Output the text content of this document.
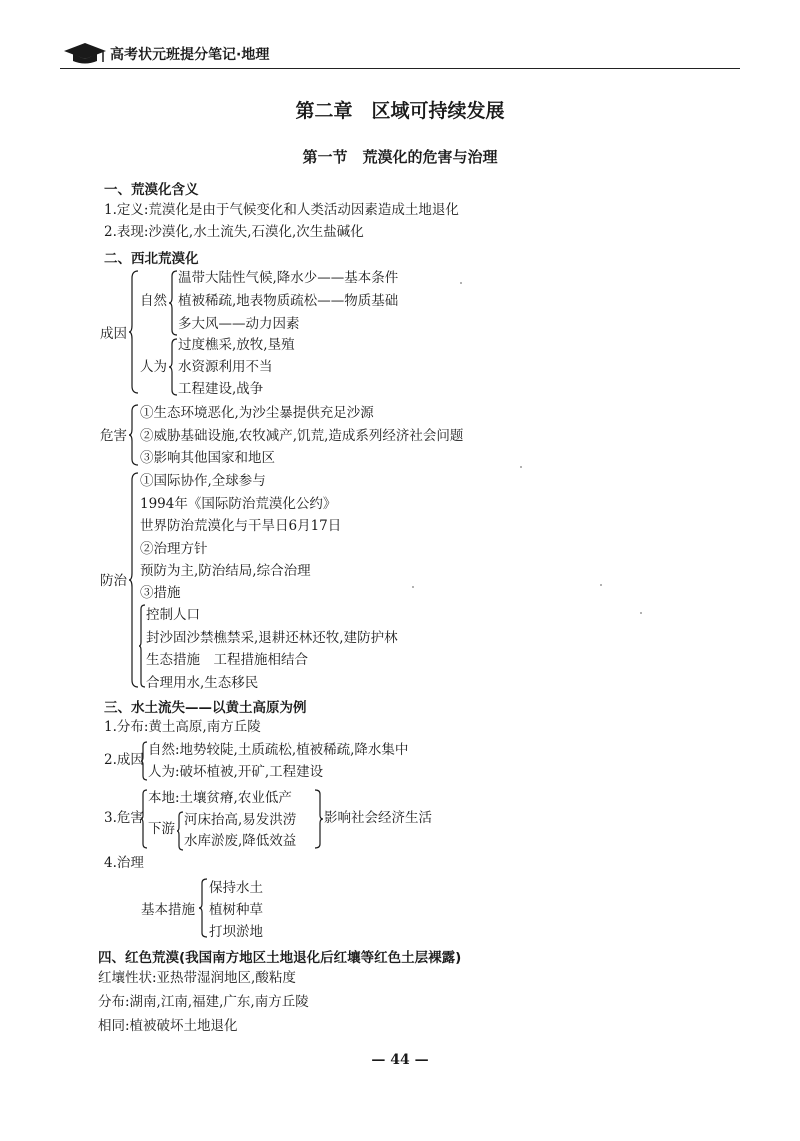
高考状元班提分笔记·地理
第二章　区域可持续发展
第一节　荒漠化的危害与治理
一、荒漠化含义
1.定义:荒漠化是由于气候变化和人类活动因素造成土地退化
2.表现:沙漠化,水土流失,石漠化,次生盐碱化
二、西北荒漠化
成因
自然
温带大陆性气候,降水少——基本条件
植被稀疏,地表物质疏松——物质基础
多大风——动力因素
人为
过度樵采,放牧,垦殖
水资源利用不当
工程建设,战争
危害
①生态环境恶化,为沙尘暴提供充足沙源
②威胁基础设施,农牧减产,饥荒,造成系列经济社会问题
③影响其他国家和地区
防治
①国际协作,全球参与
1994年《国际防治荒漠化公约》
世界防治荒漠化与干旱日6月17日
②治理方针
预防为主,防治结局,综合治理
③措施
控制人口
封沙固沙禁樵禁采,退耕还林还牧,建防护林
生态措施　工程措施相结合
合理用水,生态移民
三、水土流失——以黄土高原为例
1.分布:黄土高原,南方丘陵
2.成因
自然:地势较陡,土质疏松,植被稀疏,降水集中
人为:破坏植被,开矿,工程建设
3.危害
本地:土壤贫瘠,农业低产
下游
河床抬高,易发洪涝
水库淤废,降低效益
影响社会经济生活
4.治理
基本措施
保持水土
植树种草
打坝淤地
四、红色荒漠(我国南方地区土地退化后红壤等红色土层裸露)
红壤性状:亚热带湿润地区,酸粘度
分布:湖南,江南,福建,广东,南方丘陵
相同:植被破坏土地退化
— 44 —
